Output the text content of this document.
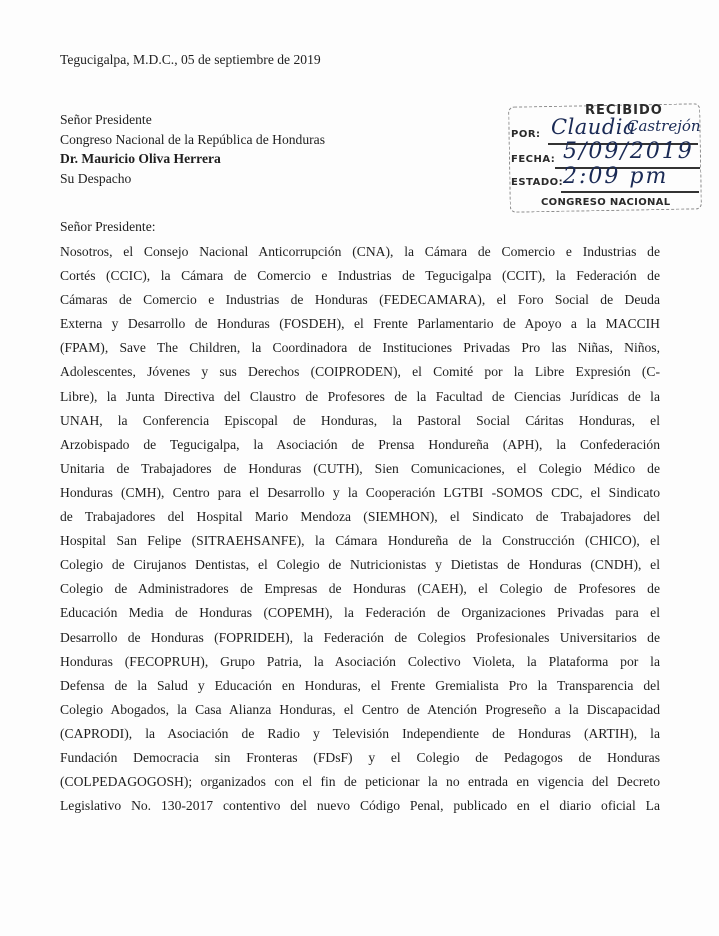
Tegucigalpa, M.D.C., 05 de septiembre de 2019
Señor Presidente
Congreso Nacional de la República de Honduras
Dr. Mauricio Oliva Herrera
Su Despacho
RECIBIDO
POR:
FECHA:
ESTADO:
Claudia
Castrejón
5/09/2019
2:09 pm
CONGRESO NACIONAL
Señor Presidente:
Nosotros, el Consejo Nacional Anticorrupción (CNA), la Cámara de Comercio e Industrias de
Cortés (CCIC), la Cámara de Comercio e Industrias de Tegucigalpa (CCIT), la Federación de
Cámaras de Comercio e Industrias de Honduras (FEDECAMARA), el Foro Social de Deuda
Externa y Desarrollo de Honduras (FOSDEH), el Frente Parlamentario de Apoyo a la MACCIH
(FPAM), Save The Children, la Coordinadora de Instituciones Privadas Pro las Niñas, Niños,
Adolescentes, Jóvenes y sus Derechos (COIPRODEN), el Comité por la Libre Expresión (C-
Libre), la Junta Directiva del Claustro de Profesores de la Facultad de Ciencias Jurídicas de la
UNAH, la Conferencia Episcopal de Honduras, la Pastoral Social Cáritas Honduras, el
Arzobispado de Tegucigalpa, la Asociación de Prensa Hondureña (APH), la Confederación
Unitaria de Trabajadores de Honduras (CUTH), Sien Comunicaciones, el Colegio Médico de
Honduras (CMH), Centro para el Desarrollo y la Cooperación LGTBI -SOMOS CDC, el Sindicato
de Trabajadores del Hospital Mario Mendoza (SIEMHON), el Sindicato de Trabajadores del
Hospital San Felipe (SITRAEHSANFE), la Cámara Hondureña de la Construcción (CHICO), el
Colegio de Cirujanos Dentistas, el Colegio de Nutricionistas y Dietistas de Honduras (CNDH), el
Colegio de Administradores de Empresas de Honduras (CAEH), el Colegio de Profesores de
Educación Media de Honduras (COPEMH), la Federación de Organizaciones Privadas para el
Desarrollo de Honduras (FOPRIDEH), la Federación de Colegios Profesionales Universitarios de
Honduras (FECOPRUH), Grupo Patria, la Asociación Colectivo Violeta, la Plataforma por la
Defensa de la Salud y Educación en Honduras, el Frente Gremialista Pro la Transparencia del
Colegio Abogados, la Casa Alianza Honduras, el Centro de Atención Progreseño a la Discapacidad
(CAPRODI), la Asociación de Radio y Televisión Independiente de Honduras (ARTIH), la
Fundación Democracia sin Fronteras (FDsF) y el Colegio de Pedagogos de Honduras
(COLPEDAGOGOSH); organizados con el fin de peticionar la no entrada en vigencia del Decreto
Legislativo No. 130-2017 contentivo del nuevo Código Penal, publicado en el diario oficial La
